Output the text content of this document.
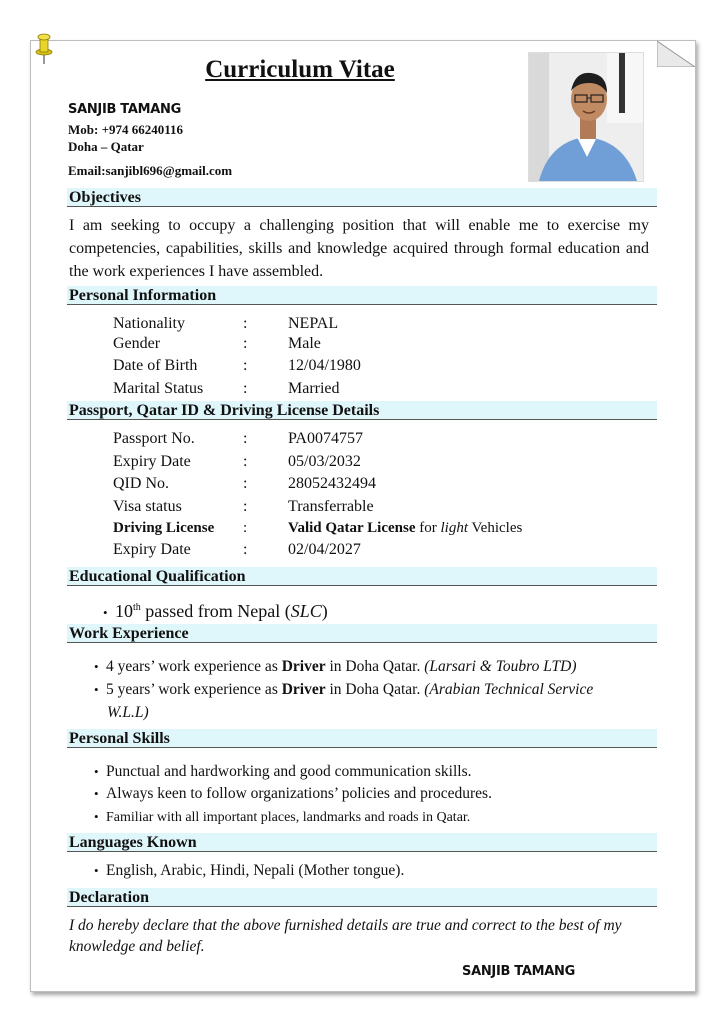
Curriculum Vitae
SANJIB TAMANG
Mob: +974 66240116
Doha – Qatar
Email:sanjibl696@gmail.com
Objectives
I am seeking to occupy a challenging position that will enable me to exercise my competencies, capabilities, skills and knowledge acquired through formal education and the work experiences I have assembled.
Personal Information
Nationality	:	NEPAL
Gender	:	Male
Date of Birth	:	12/04/1980
Marital Status :	Married
Passport, Qatar ID & Driving License Details
Passport No.	:	PA0074757
Expiry Date	:	05/03/2032
QID No.	:	28052432494
Visa status	:	Transferrable
Driving License :	Valid Qatar License for light Vehicles
Expiry Date	:	02/04/2027
Educational Qualification
• 10th passed from Nepal (SLC)
Work Experience
• 4 years’ work experience as Driver in Doha Qatar. (Larsari & Toubro LTD)
• 5 years’ work experience as Driver in Doha Qatar. (Arabian Technical Service
W.L.L)
Personal Skills
• Punctual and hardworking and good communication skills.
• Always keen to follow organizations’ policies and procedures.
• Familiar with all important places, landmarks and roads in Qatar.
Languages Known
• English, Arabic, Hindi, Nepali (Mother tongue).
Declaration
I do hereby declare that the above furnished details are true and correct to the best of my knowledge and belief.
SANJIB TAMANG
